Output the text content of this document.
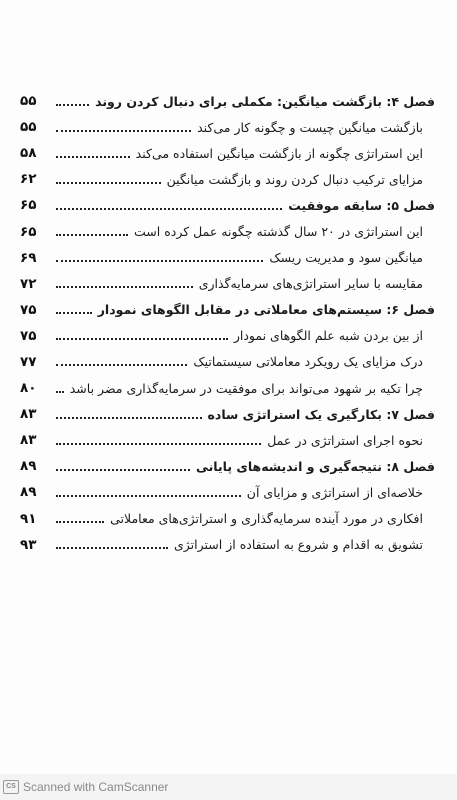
فصل ۴: بازگشت میانگین: مکملی برای دنبال کردن روند
۵۵
بازگشت میانگین چیست و چگونه کار می‌کند
۵۵
این استراتژی چگونه از بازگشت میانگین استفاده می‌کند
۵۸
مزایای ترکیب دنبال کردن روند و بازگشت میانگین
۶۲
فصل ۵: سابقه موفقیت
۶۵
این استراتژی در ۲۰ سال گذشته چگونه عمل کرده است
۶۵
میانگین سود و مدیریت ریسک
۶۹
مقایسه با سایر استراتژی‌های سرمایه‌گذاری
۷۲
فصل ۶: سیستم‌های معاملاتی در مقابل الگوهای نمودار
۷۵
از بین بردن شبه علم الگوهای نمودار
۷۵
درک مزایای یک رویکرد معاملاتی سیستماتیک
۷۷
چرا تکیه بر شهود می‌تواند برای موفقیت در سرمایه‌گذاری مضر باشد
۸۰
فصل ۷: بکارگیری یک استراتژی ساده
۸۳
نحوه اجرای استراتژی در عمل
۸۳
فصل ۸: نتیجه‌گیری و اندیشه‌های پایانی
۸۹
خلاصه‌ای از استراتژی و مزایای آن
۸۹
افکاری در مورد آینده سرمایه‌گذاری و استراتژی‌های معاملاتی
۹۱
تشویق به اقدام و شروع به استفاده از استراتژی
۹۳
CS Scanned with CamScanner
